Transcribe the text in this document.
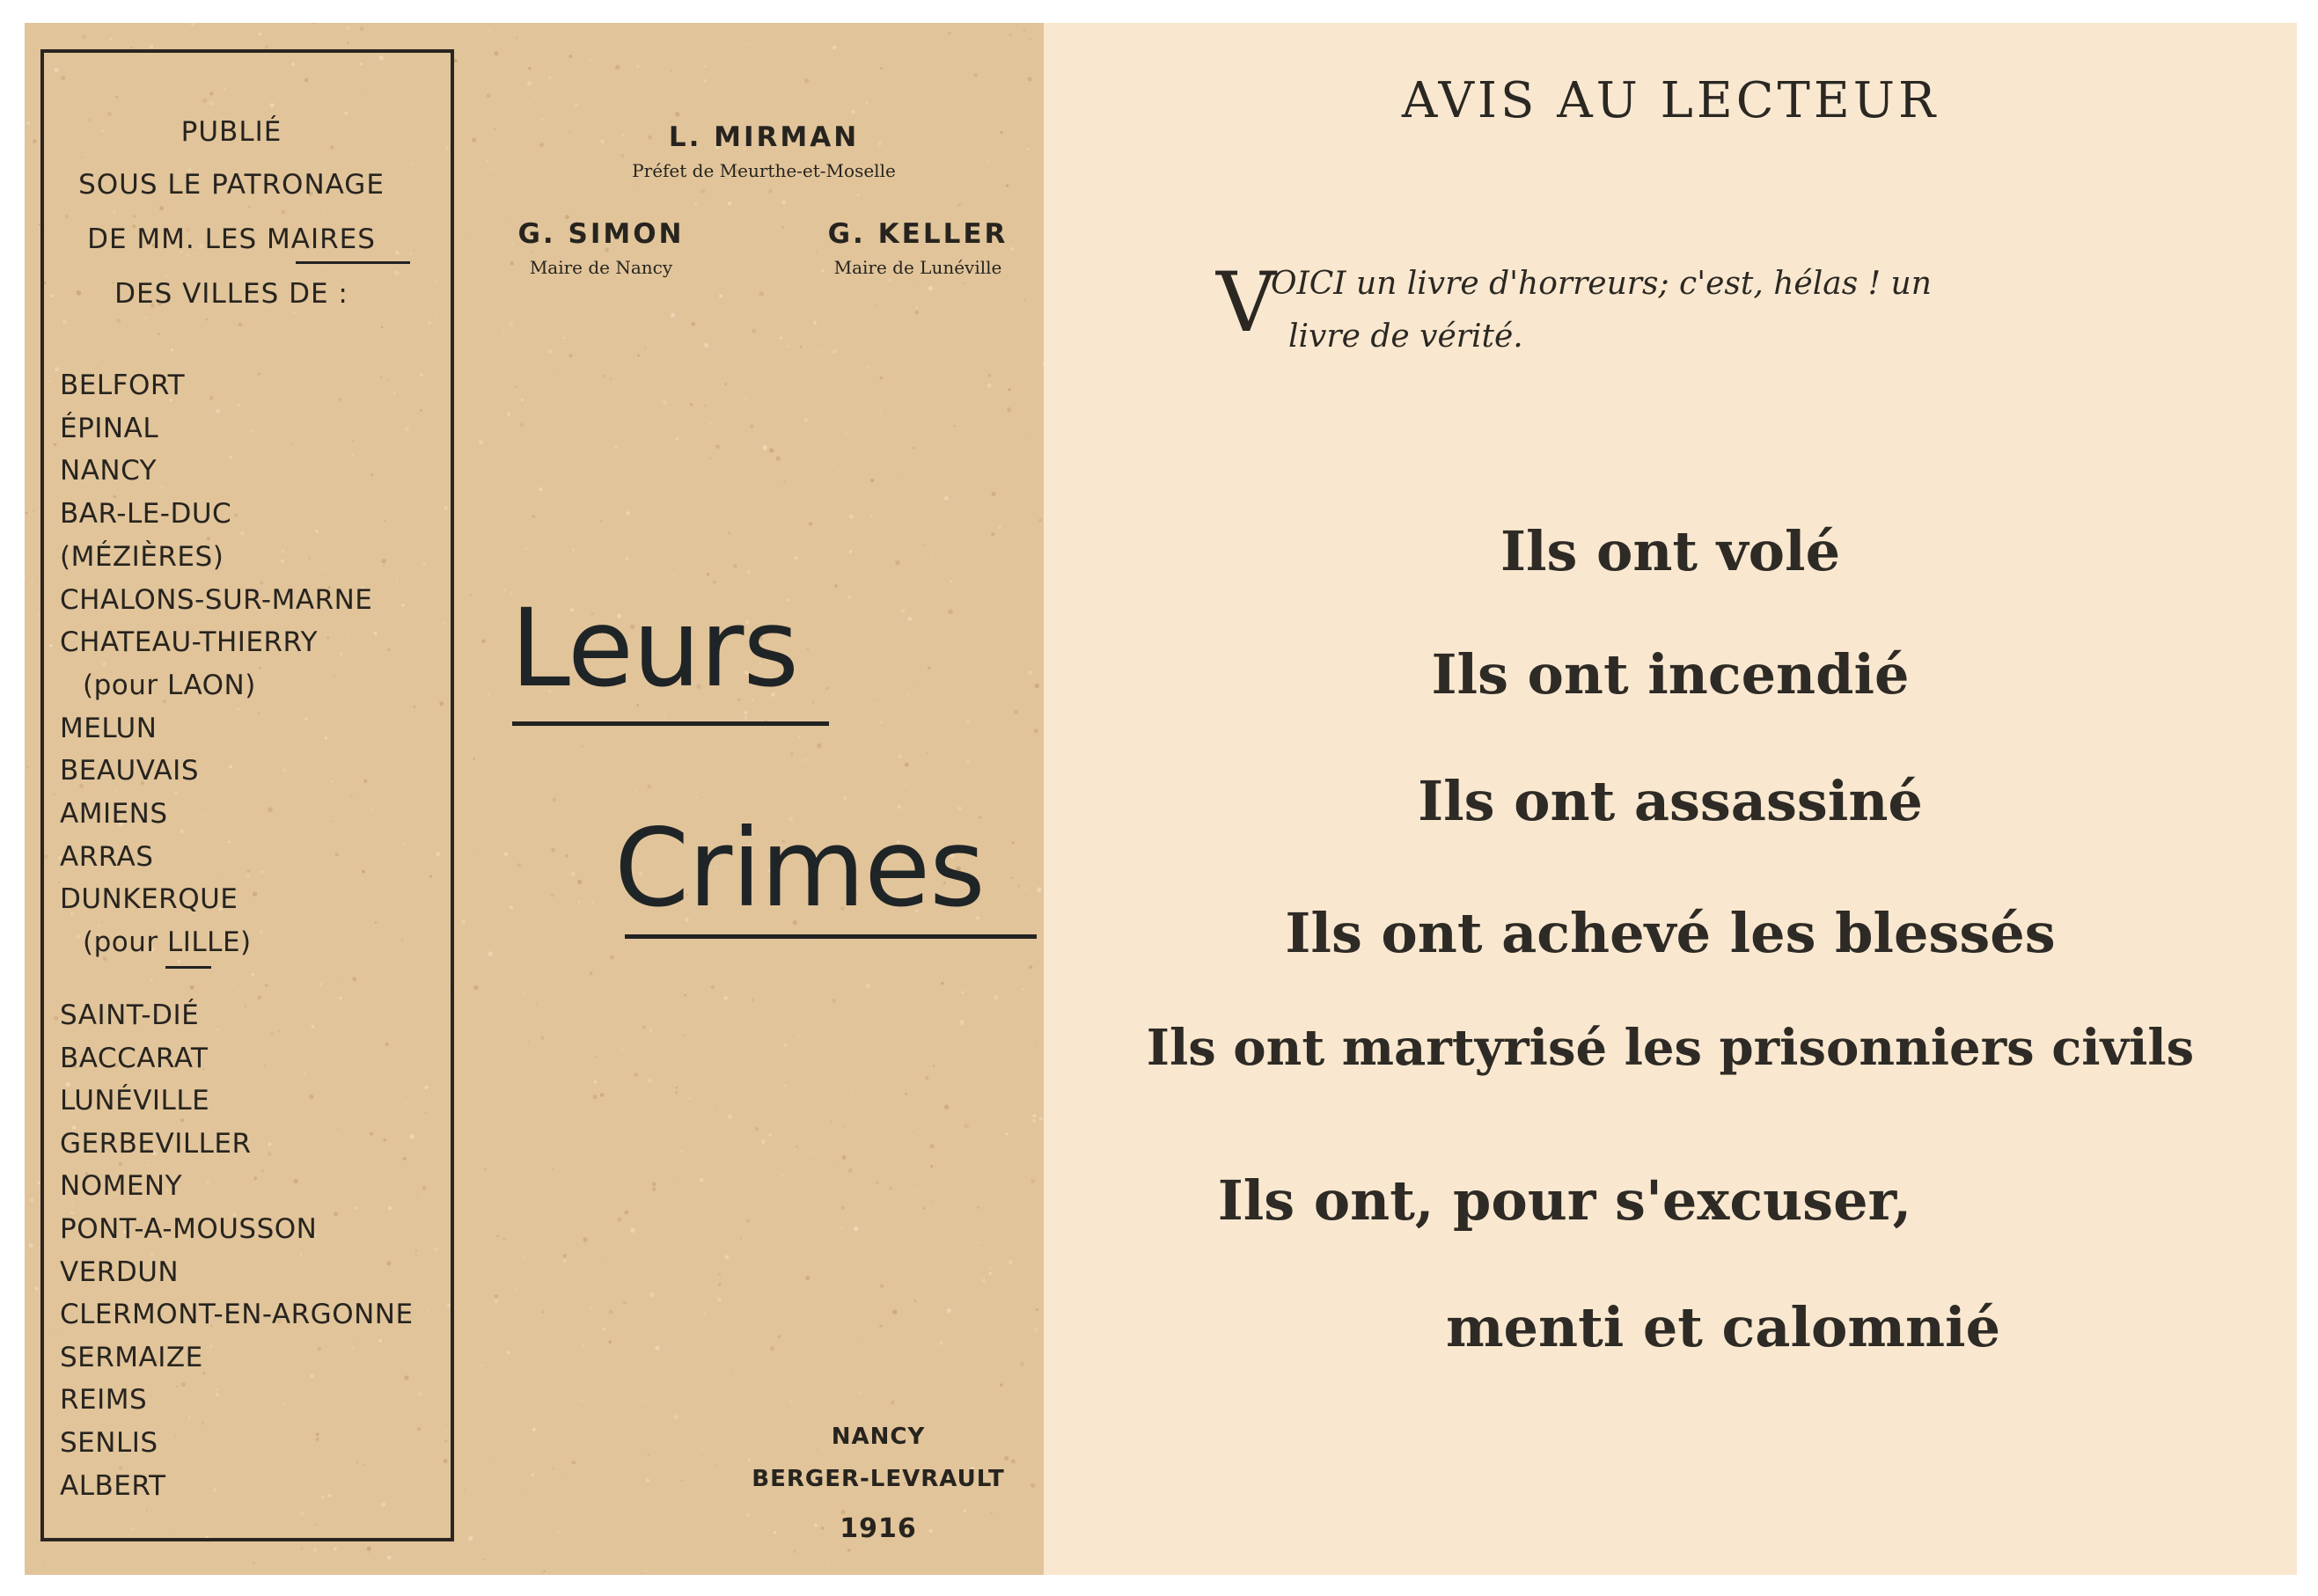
PUBLIÉ
SOUS LE PATRONAGE
DE MM. LES MAIRES
DES VILLES DE :
BELFORT
ÉPINAL
NANCY
BAR-LE-DUC
(MÉZIÈRES)
CHALONS-SUR-MARNE
CHATEAU-THIERRY
(pour LAON)
MELUN
BEAUVAIS
AMIENS
ARRAS
DUNKERQUE
(pour LILLE)
SAINT-DIÉ
BACCARAT
LUNÉVILLE
GERBEVILLER
NOMENY
PONT-A-MOUSSON
VERDUN
CLERMONT-EN-ARGONNE
SERMAIZE
REIMS
SENLIS
ALBERT
L. MIRMAN
Préfet de Meurthe-et-Moselle
G. SIMON
Maire de Nancy
G. KELLER
Maire de Lunéville
Leurs
Crimes
NANCY
BERGER-LEVRAULT
1916
AVIS AU LECTEUR
V
OICI un livre d'horreurs; c'est, hélas ! un
livre de vérité.
Ils ont volé
Ils ont incendié
Ils ont assassiné
Ils ont achevé les blessés
Ils ont martyrisé les prisonniers civils
Ils ont, pour s'excuser,
menti et calomnié
